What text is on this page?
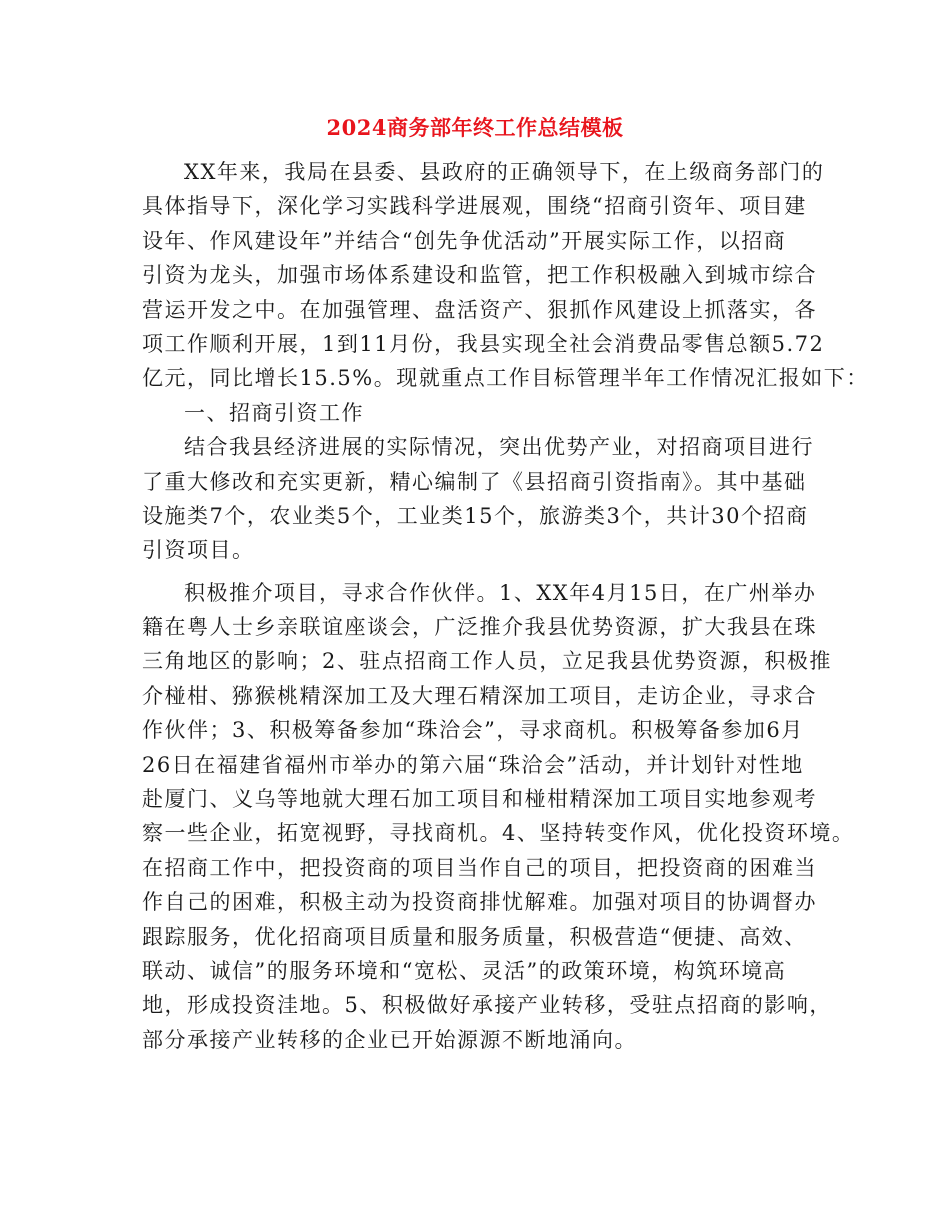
2024商务部年终工作总结模板
XX年来，我局在县委、县政府的正确领导下，在上级商务部门的
具体指导下，深化学习实践科学进展观，围绕“招商引资年、项目建
设年、作风建设年”并结合“创先争优活动”开展实际工作，以招商
引资为龙头，加强市场体系建设和监管，把工作积极融入到城市综合
营运开发之中。在加强管理、盘活资产、狠抓作风建设上抓落实，各
项工作顺利开展，1到11月份，我县实现全社会消费品零售总额5.72
亿元，同比增长15.5%。现就重点工作目标管理半年工作情况汇报如下：
一、招商引资工作
结合我县经济进展的实际情况，突出优势产业，对招商项目进行
了重大修改和充实更新，精心编制了《县招商引资指南》。其中基础
设施类7个，农业类5个，工业类15个，旅游类3个，共计30个招商
引资项目。
积极推介项目，寻求合作伙伴。1、XX年4月15日，在广州举办
籍在粤人士乡亲联谊座谈会，广泛推介我县优势资源，扩大我县在珠
三角地区的影响；2、驻点招商工作人员，立足我县优势资源，积极推
介椪柑、猕猴桃精深加工及大理石精深加工项目，走访企业，寻求合
作伙伴；3、积极筹备参加“珠洽会”，寻求商机。积极筹备参加6月
26日在福建省福州市举办的第六届“珠洽会”活动，并计划针对性地
赴厦门、义乌等地就大理石加工项目和椪柑精深加工项目实地参观考
察一些企业，拓宽视野，寻找商机。4、坚持转变作风，优化投资环境。
在招商工作中，把投资商的项目当作自己的项目，把投资商的困难当
作自己的困难，积极主动为投资商排忧解难。加强对项目的协调督办
跟踪服务，优化招商项目质量和服务质量，积极营造“便捷、高效、
联动、诚信”的服务环境和“宽松、灵活”的政策环境，构筑环境高
地，形成投资洼地。5、积极做好承接产业转移，受驻点招商的影响，
部分承接产业转移的企业已开始源源不断地涌向。
